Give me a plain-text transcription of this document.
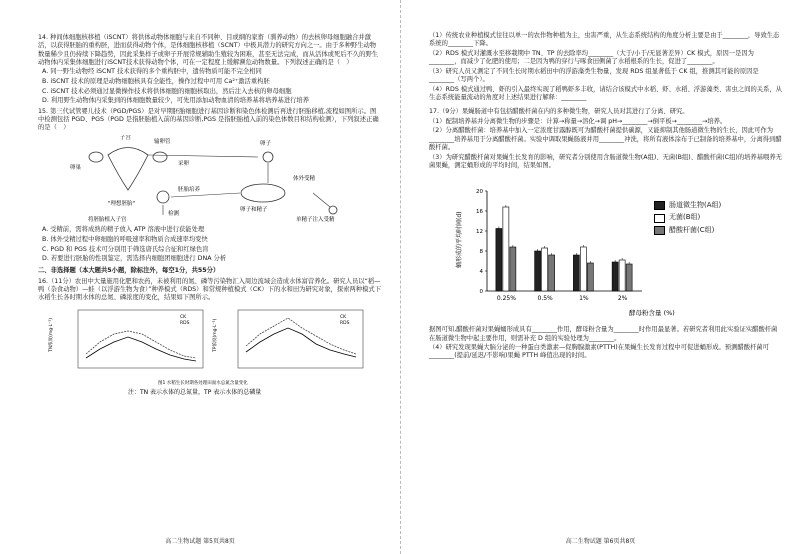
14. 种间体细胞核移植（iSCNT）将供体动物体细胞与来自不同种、目或纲的家畜（驯养动物）的去核卵母细胞融合并激活，以获得胚胎的重构胚，进而获得动物个体，是体细胞核移植（SCNT）中极具潜力的研究方向之一。由于多种野生动物数量稀少且仍持续下降趋势，因此采集样子或卵子开展常规辅助生殖较为困难，甚至无法完成，而从活体或死后不久的野生动物体内采集体细胞进行iSCNT技术获得动物个体，可在一定程度上缓解濒危动物数量。下列叙述正确的是（　）

A. 同一野生动物经 iSCNT 技术获得的多个重构胚中，遗传物质可能不完全相同

B. iSCNT 技术的原理是动物细胞核具有全能性，操作过程中可用 Ca²⁺激活重构胚

C. iSCNT 技术必须通过显微操作技术将供体细胞的细胞核取出，然后注入去核的卵母细胞

D. 利用野生动物体内采集到的体细胞数量较少，可先用添加动物血清的培养基将培养基进行培养

15. 第三代试管婴儿技术（PGD/PGS）是对早期胚胎细胞进行基因诊断和染色体检测后再进行胚胎移植,流程如图所示。图中检测包括 PGD、PGS（PGD 是指胚胎植入前的基因诊断,PGS 是指胚胎植入前的染色体数目和结构检测），下列叙述正确的是（　）

卵子
子宫
输卵管
卵巢
采卵
体外受精
胚胎培养
检测
"理想胚胎"
卵子和精子
将胚胎植入子宫	单精子注入受精

A. 受精前，需将成熟的精子放入 ATP 溶液中进行获能处理

B. 体外受精过程中卵细胞的呼吸速率和物质合成速率均变快

C. PGD 和 PGS 技术可分别用于筛选唐氏综合征和红绿色盲

D. 若要进行胚胎的性别鉴定，需选择内细胞团细胞进行 DNA 分析

二、非选择题（本大题共5小题，除标注外，每空1分，共55分）

16.（11分）农田中大量施用化肥和农药，未被利用的氮、磷等污染物汇入周边流域会造成水体富营养化。研究人员以“稻—鸭（杂食动物）—蛙（以浮游生物为食）”种养模式（RDS）和常规种植模式（CK）下的水和田为研究对象，探索两种模式下水稻生长各时期水体的总氮、磷浓度的变化，结果如下图所示。

CK
RDS
TN浓度(mg·L⁻¹)
CK
RDS
TP浓度(mg·L⁻¹)
图1 水稻生长时期各处理田面水总氮含量变化
注：TN 表示水体的总氮量，TP 表示水体的总磷量
高二生物试题 第5页共8页

（1）传统农业种植模式往往以单一的农作物种植为主，虫害严重，从生态系统结构的角度分析主要是由于________，导致生态系统的________下降。

（2）RDS 模式对灌溉水至移栽期中 TN、TP 的去除率均________（大于/小于/无显著差异）CK 模式，原因一是因为________，而减少了化肥的使用；二是因为鸭的穿行与啄食田侧菌了水稻根系的生长，促进了________。

（3）研究人员又测定了不同生长时期水稻田中的浮游藻类生物量，发现 RDS 组显著低于 CK 组，推测其可能的原因是________（写两个）。

（4）RDS 模式通过鸭、虾的引入最终实现了稻鸭虾多丰收，请结合该模式中水稻、虾、水稻、浮游藻类、害虫之间的关系，从生态系统能量流动的角度对上述结果进行解释：________

17.（9分）果蝇肠道中有包括醋酸杆菌在内的多种微生物，研究人员对其进行了分离、研究。

（1）配制培养基并分离微生物的步骤是：计算→称量→溶化→调 pH→________→倒平板→________→培养。

（2）分离醋酸杆菌：培养基中加入一定浓度甘露醇既可为醋酸杆菌提供碳源，又能抑制其他肠道微生物的生长，因此可作为________培养基用于分离醋酸杆菌。实验中调取果蝇肠液并用________冲洗，将所有液体涂布于已制备的培养基中，分离得到醋酸杆菌。

（3）为研究醋酸杆菌对果蝇生长发育的影响，研究者分别使用含肠道微生物(A组)、无菌(B组)、醋酸杆菌(C组)的培养基喂养无菌果蝇，测定蛹形成的平均时间，结果如图。

0
4
8
12
16
20
0.25%	0.5%	1%	2%
蛹形成的平均时间(d)
酵母粉含量 (%)
肠道微生物(A组)
无菌(B组)
醋酸杆菌(C组)

据图可知,醋酸杆菌对果蝇蛹形成具有________作用，酵母粉含量为________时作用最显著。若研究者利用此实验证实醋酸杆菌在肠道微生物中起主要作用，则需补充 D 组的实验处理为________。

（4）研究发现果蝇大脑分泌的一种蛋白类激素—促胸腺激素(PTTH)在果蝇生长发育过程中可促进蛹形成。预测醋酸杆菌可________(提前/延迟/不影响)果蝇 PTTH 峰值出现的时间。

高二生物试题 第6页共8页
